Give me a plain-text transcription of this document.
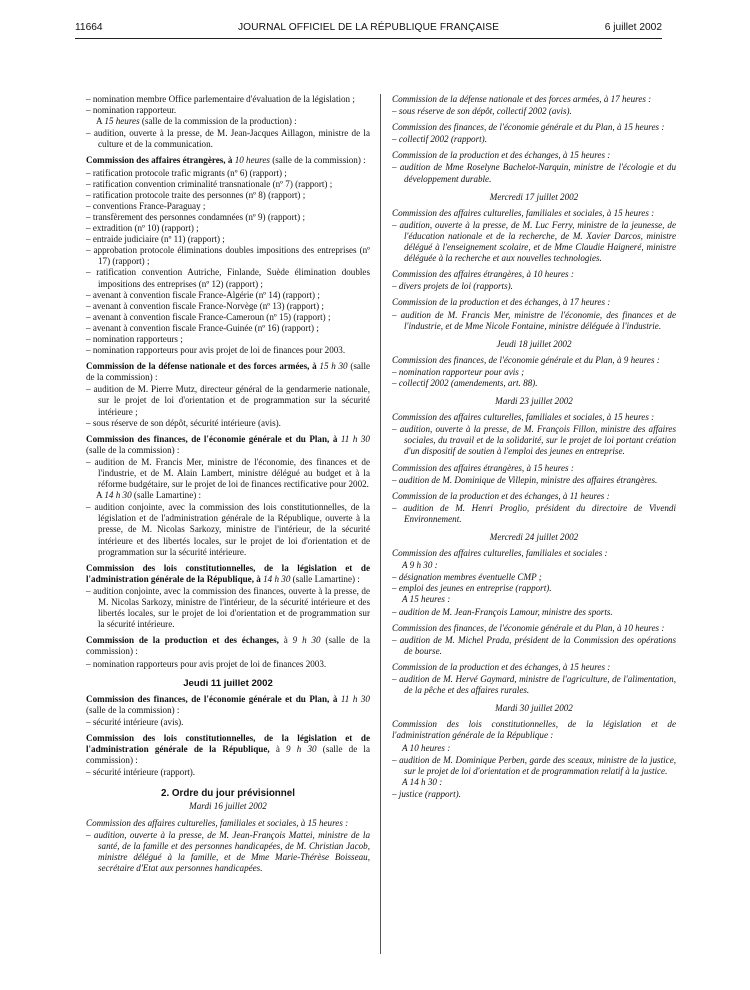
11664	JOURNAL OFFICIEL DE LA RÉPUBLIQUE FRANÇAISE	6 juillet 2002

– nomination membre Office parlementaire d'évaluation de la législation ;

– nomination rapporteur.

A 15 heures (salle de la commission de la production) :

– audition, ouverte à la presse, de M. Jean-Jacques Aillagon, ministre de la culture et de la communication.

Commission des affaires étrangères, à 10 heures (salle de la commission) :

– ratification protocole trafic migrants (nº 6) (rapport) ;

– ratification convention criminalité transnationale (nº 7) (rapport) ;

– ratification protocole traite des personnes (nº 8) (rapport) ;

– conventions France-Paraguay ;

– transfèrement des personnes condamnées (nº 9) (rapport) ;

– extradition (nº 10) (rapport) ;

– entraide judiciaire (nº 11) (rapport) ;

– approbation protocole éliminations doubles impositions des entreprises (nº 17) (rapport) ;

– ratification convention Autriche, Finlande, Suède élimination doubles impositions des entreprises (nº 12) (rapport) ;

– avenant à convention fiscale France-Algérie (nº 14) (rapport) ;

– avenant à convention fiscale France-Norvège (nº 13) (rapport) ;

– avenant à convention fiscale France-Cameroun (nº 15) (rapport) ;

– avenant à convention fiscale France-Guinée (nº 16) (rapport) ;

– nomination rapporteurs ;

– nomination rapporteurs pour avis projet de loi de finances pour 2003.

Commission de la défense nationale et des forces armées, à 15 h 30 (salle de la commission) :

– audition de M. Pierre Mutz, directeur général de la gendarmerie nationale, sur le projet de loi d'orientation et de programmation sur la sécurité intérieure ;

– sous réserve de son dépôt, sécurité intérieure (avis).

Commission des finances, de l'économie générale et du Plan, à 11 h 30 (salle de la commission) :

– audition de M. Francis Mer, ministre de l'économie, des finances et de l'industrie, et de M. Alain Lambert, ministre délégué au budget et à la réforme budgétaire, sur le projet de loi de finances rectificative pour 2002.

A 14 h 30 (salle Lamartine) :

– audition conjointe, avec la commission des lois constitutionnelles, de la législation et de l'administration générale de la République, ouverte à la presse, de M. Nicolas Sarkozy, ministre de l'intérieur, de la sécurité intérieure et des libertés locales, sur le projet de loi d'orientation et de programmation sur la sécurité intérieure.

Commission des lois constitutionnelles, de la législation et de l'administration générale de la République, à 14 h 30 (salle Lamartine) :

– audition conjointe, avec la commission des finances, ouverte à la presse, de M. Nicolas Sarkozy, ministre de l'intérieur, de la sécurité intérieure et des libertés locales, sur le projet de loi d'orientation et de programmation sur la sécurité intérieure.

Commission de la production et des échanges, à 9 h 30 (salle de la commission) :

– nomination rapporteurs pour avis projet de loi de finances 2003.

Jeudi 11 juillet 2002

Commission des finances, de l'économie générale et du Plan, à 11 h 30 (salle de la commission) :

– sécurité intérieure (avis).

Commission des lois constitutionnelles, de la législation et de l'administration générale de la République, à 9 h 30 (salle de la commission) :

– sécurité intérieure (rapport).

2. Ordre du jour prévisionnel

Mardi 16 juillet 2002

Commission des affaires culturelles, familiales et sociales, à 15 heures :

– audition, ouverte à la presse, de M. Jean-François Mattei, ministre de la santé, de la famille et des personnes handicapées, de M. Christian Jacob, ministre délégué à la famille, et de Mme Marie-Thérèse Boisseau, secrétaire d'Etat aux personnes handicapées.

Commission de la défense nationale et des forces armées, à 17 heures :

– sous réserve de son dépôt, collectif 2002 (avis).

Commission des finances, de l'économie générale et du Plan, à 15 heures :

– collectif 2002 (rapport).

Commission de la production et des échanges, à 15 heures :

– audition de Mme Roselyne Bachelot-Narquin, ministre de l'écologie et du développement durable.

Mercredi 17 juillet 2002

Commission des affaires culturelles, familiales et sociales, à 15 heures :

– audition, ouverte à la presse, de M. Luc Ferry, ministre de la jeunesse, de l'éducation nationale et de la recherche, de M. Xavier Darcos, ministre délégué à l'enseignement scolaire, et de Mme Claudie Haigneré, ministre déléguée à la recherche et aux nouvelles technologies.

Commission des affaires étrangères, à 10 heures :

– divers projets de loi (rapports).

Commission de la production et des échanges, à 17 heures :

– audition de M. Francis Mer, ministre de l'économie, des finances et de l'industrie, et de Mme Nicole Fontaine, ministre déléguée à l'industrie.

Jeudi 18 juillet 2002

Commission des finances, de l'économie générale et du Plan, à 9 heures :

– nomination rapporteur pour avis ;

– collectif 2002 (amendements, art. 88).

Mardi 23 juillet 2002

Commission des affaires culturelles, familiales et sociales, à 15 heures :

– audition, ouverte à la presse, de M. François Fillon, ministre des affaires sociales, du travail et de la solidarité, sur le projet de loi portant création d'un dispositif de soutien à l'emploi des jeunes en entreprise.

Commission des affaires étrangères, à 15 heures :

– audition de M. Dominique de Villepin, ministre des affaires étrangères.

Commission de la production et des échanges, à 11 heures :

– audition de M. Henri Proglio, président du directoire de Vivendi Environnement.

Mercredi 24 juillet 2002

Commission des affaires culturelles, familiales et sociales :

A 9 h 30 :

– désignation membres éventuelle CMP ;

– emploi des jeunes en entreprise (rapport).

A 15 heures :

– audition de M. Jean-François Lamour, ministre des sports.

Commission des finances, de l'économie générale et du Plan, à 10 heures :

– audition de M. Michel Prada, président de la Commission des opérations de bourse.

Commission de la production et des échanges, à 15 heures :

– audition de M. Hervé Gaymard, ministre de l'agriculture, de l'alimentation, de la pêche et des affaires rurales.

Mardi 30 juillet 2002

Commission des lois constitutionnelles, de la législation et de l'administration générale de la République :

A 10 heures :

– audition de M. Dominique Perben, garde des sceaux, ministre de la justice, sur le projet de loi d'orientation et de programmation relatif à la justice.

A 14 h 30 :

– justice (rapport).
